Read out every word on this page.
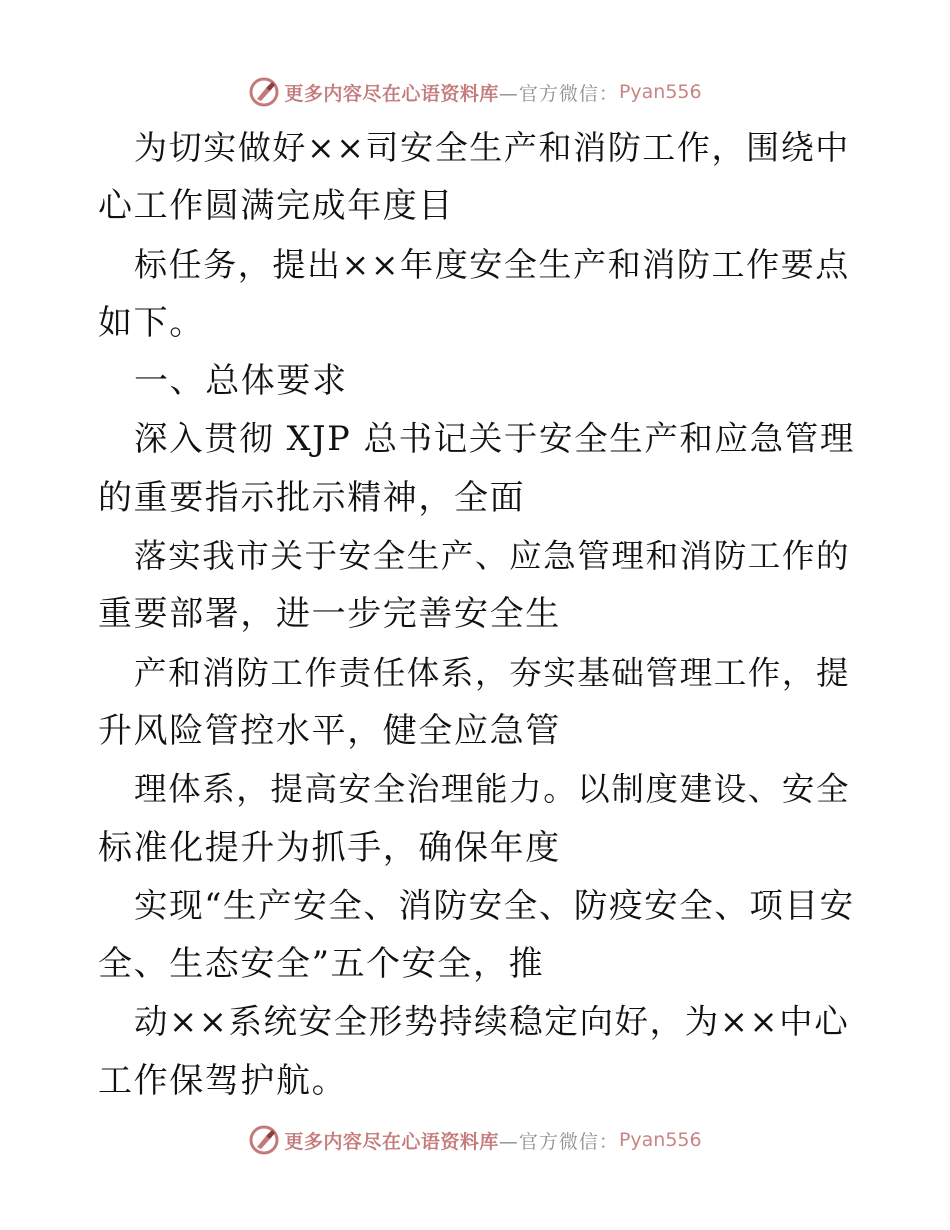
更多内容尽在心语资料库 —官方微信： Pyan556
为切实做好××司安全生产和消防工作，围绕中
心工作圆满完成年度目
标任务，提出××年度安全生产和消防工作要点
如下。
一、总体要求
深入贯彻 XJP 总书记关于安全生产和应急管理
的重要指示批示精神，全面
落实我市关于安全生产、应急管理和消防工作的
重要部署，进一步完善安全生
产和消防工作责任体系，夯实基础管理工作，提
升风险管控水平，健全应急管
理体系，提高安全治理能力。以制度建设、安全
标准化提升为抓手，确保年度
实现“生产安全、消防安全、防疫安全、项目安
全、生态安全”五个安全，推
动××系统安全形势持续稳定向好，为××中心
工作保驾护航。
更多内容尽在心语资料库 —官方微信： Pyan556
